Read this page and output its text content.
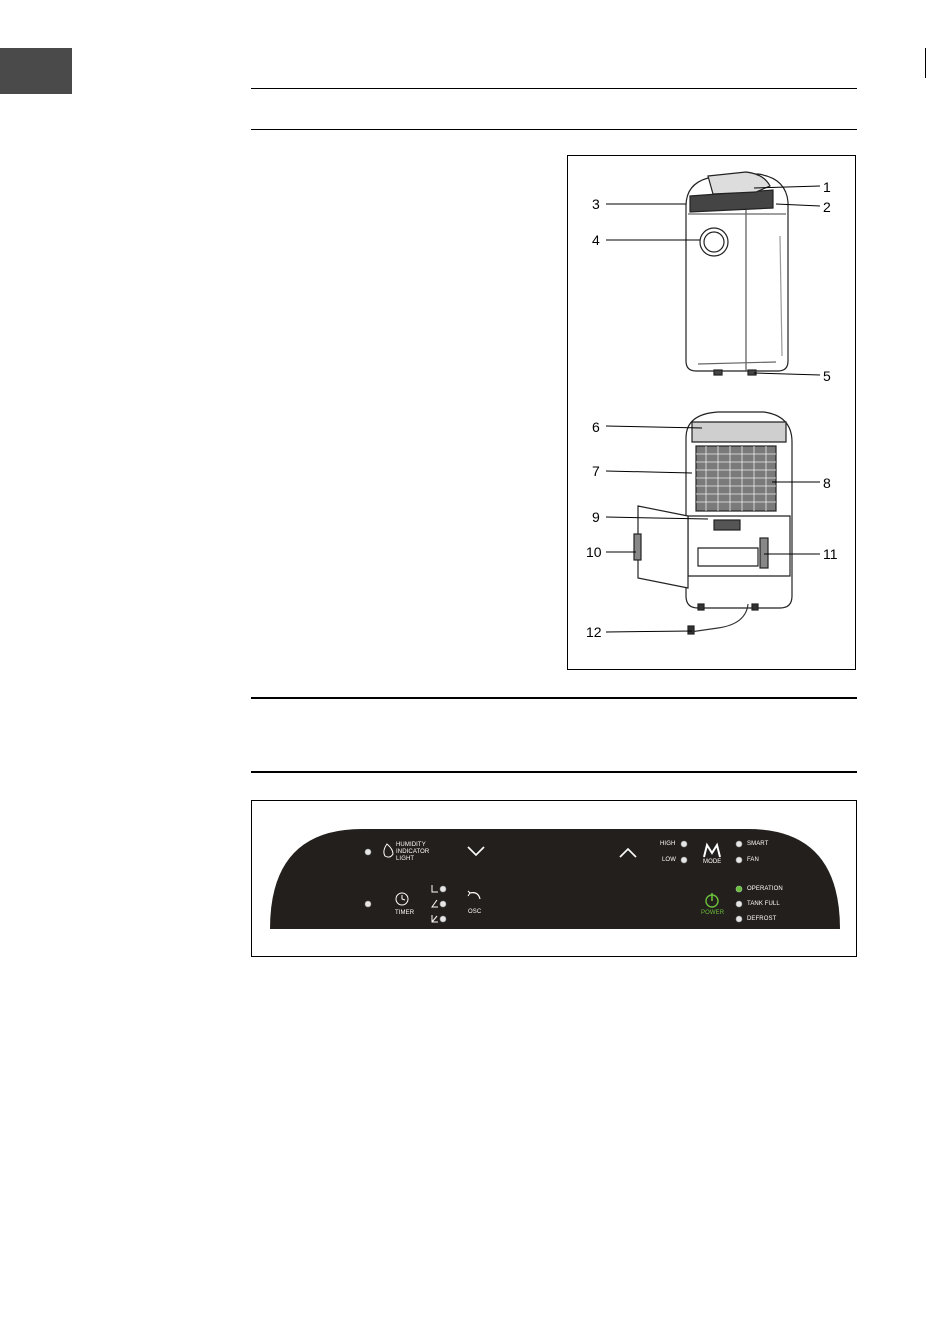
1
2
3
4
5
6
7
8
9
10	11
12
HUMIDITY
INDICATOR
LIGHT
TIMER	OSC
HIGH
LOW	MODE
SMART
FAN
POWER
OPERATION
TANK FULL
DEFROST
